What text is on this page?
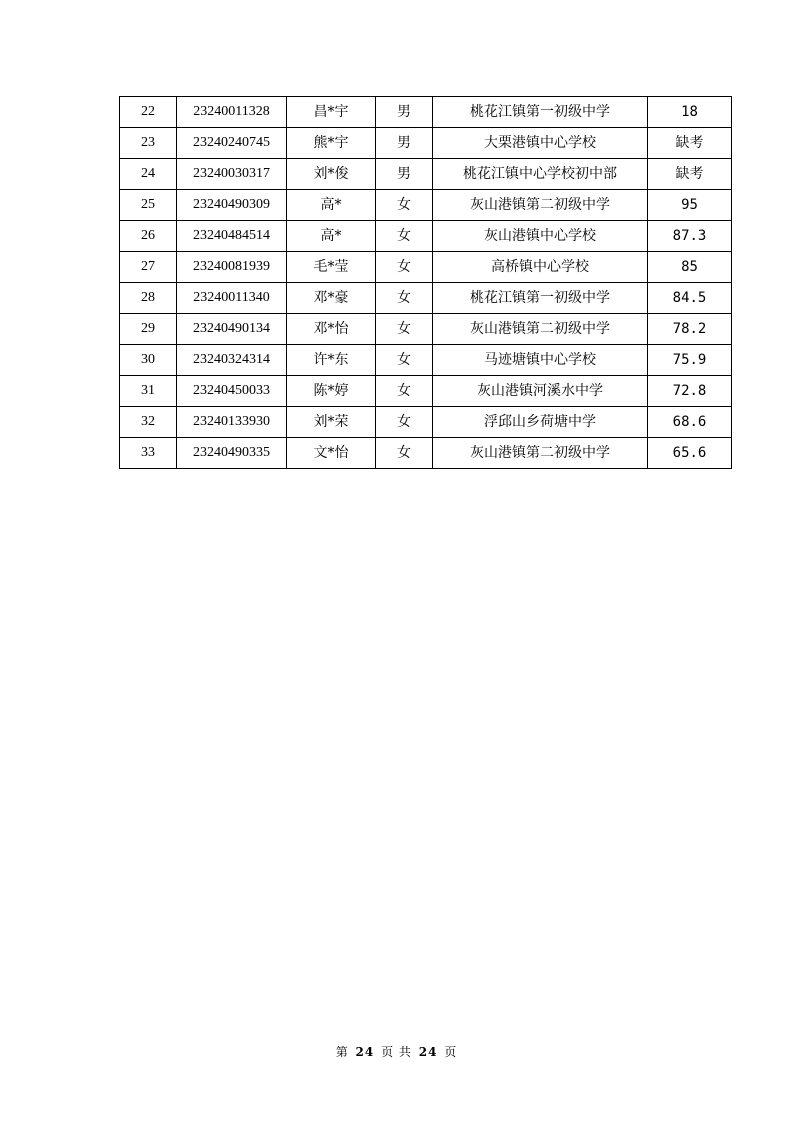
22	23240011328	昌*宇	男	桃花江镇第一初级中学	18
23	23240240745	熊*宇	男	大栗港镇中心学校	缺考
24	23240030317	刘*俊	男	桃花江镇中心学校初中部	缺考
25	23240490309	高*	女	灰山港镇第二初级中学	95
26	23240484514	高*	女	灰山港镇中心学校	87.3
27	23240081939	毛*莹	女	高桥镇中心学校	85
28	23240011340	邓*豪	女	桃花江镇第一初级中学	84.5
29	23240490134	邓*怡	女	灰山港镇第二初级中学	78.2
30	23240324314	许*东	女	马迹塘镇中心学校	75.9
31	23240450033	陈*婷	女	灰山港镇河溪水中学	72.8
32	23240133930	刘*荣	女	浮邱山乡荷塘中学	68.6
33	23240490335	文*怡	女	灰山港镇第二初级中学	65.6
第 24 页 共 24 页
